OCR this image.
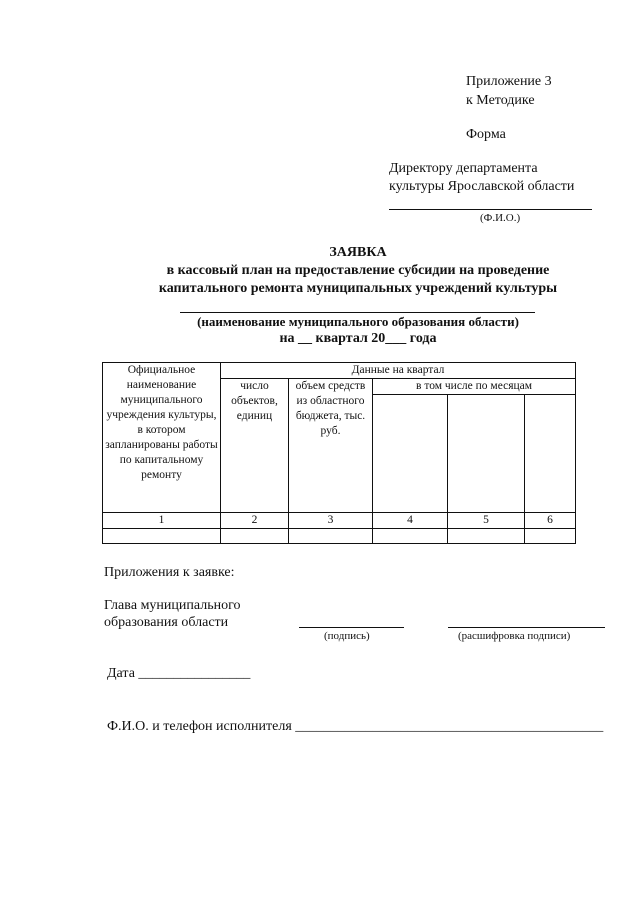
Приложение 3
к Методике
Форма
Директору департамента
культуры Ярославской области
(Ф.И.О.)
ЗАЯВКА
в кассовый план на предоставление субсидии на проведение
капитального ремонта муниципальных учреждений культуры
(наименование муниципального образования области)
на __ квартал 20___ года
Официальное наименование муниципального учреждения культуры, в котором запланированы работы по капитальному ремонту	Данные на квартал				
	число объектов, единиц	объем средств из областного бюджета, тыс. руб.	в том числе по месяцам		

1	2	3	4	5	6

Приложения к заявке:
Главa муниципального
образования области
(подпись)	(расшифровка подписи)
Дата ________________
Ф.И.О. и телефон исполнителя ____________________________________________
